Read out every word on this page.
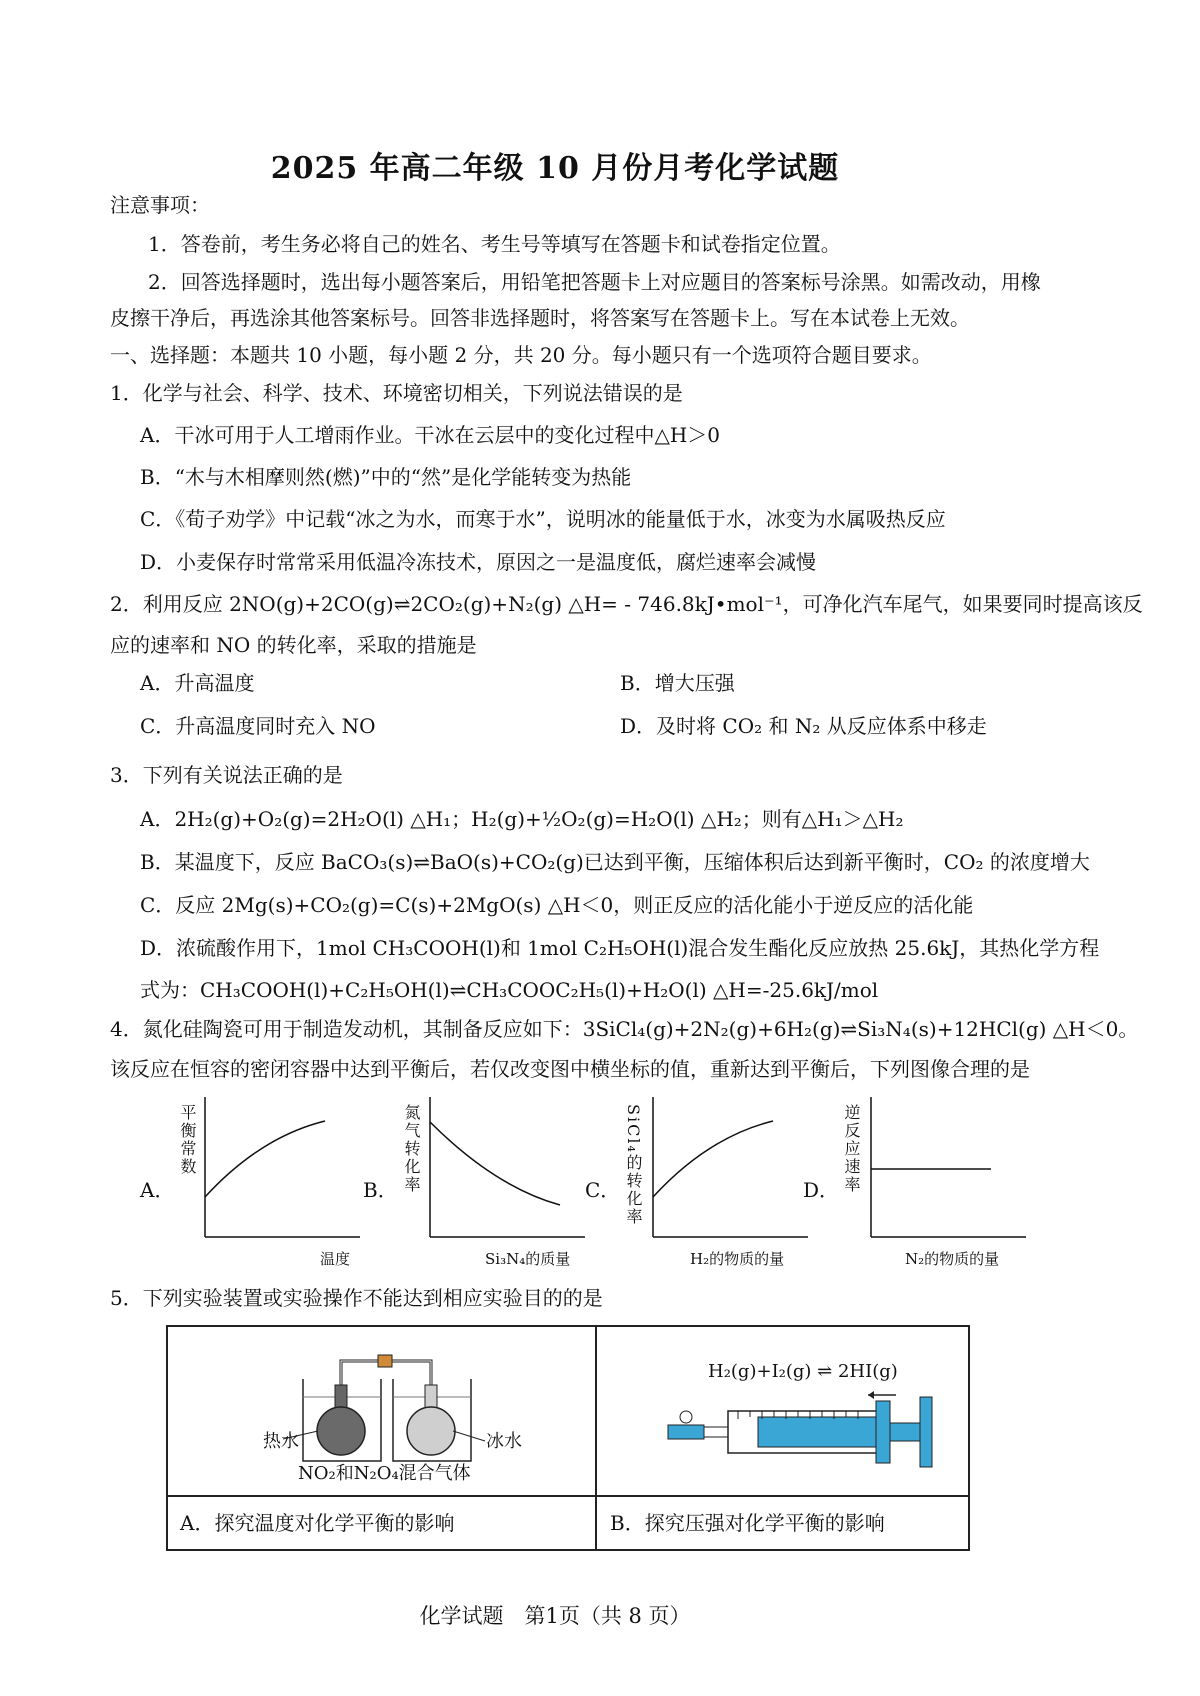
2025 年高二年级 10 月份月考化学试题
注意事项：
1．答卷前，考生务必将自己的姓名、考生号等填写在答题卡和试卷指定位置。
2．回答选择题时，选出每小题答案后，用铅笔把答题卡上对应题目的答案标号涂黑。如需改动，用橡
皮擦干净后，再选涂其他答案标号。回答非选择题时，将答案写在答题卡上。写在本试卷上无效。
一、选择题：本题共 10 小题，每小题 2 分，共 20 分。每小题只有一个选项符合题目要求。
1．化学与社会、科学、技术、环境密切相关，下列说法错误的是
A．干冰可用于人工增雨作业。干冰在云层中的变化过程中△H＞0
B．“木与木相摩则然(燃)”中的“然”是化学能转变为热能
C．《荀子劝学》中记载“冰之为水，而寒于水”，说明冰的能量低于水，冰变为水属吸热反应
D．小麦保存时常常采用低温冷冻技术，原因之一是温度低，腐烂速率会减慢
2．利用反应 2NO(g)+2CO(g)⇌2CO₂(g)+N₂(g) △H= - 746.8kJ•mol⁻¹，可净化汽车尾气，如果要同时提高该反
应的速率和 NO 的转化率，采取的措施是
A．升高温度	B．增大压强
C．升高温度同时充入 NO	D．及时将 CO₂ 和 N₂ 从反应体系中移走
3．下列有关说法正确的是
A．2H₂(g)+O₂(g)=2H₂O(l) △H₁；H₂(g)+½O₂(g)=H₂O(l) △H₂；则有△H₁＞△H₂
B．某温度下，反应 BaCO₃(s)⇌BaO(s)+CO₂(g)已达到平衡，压缩体积后达到新平衡时，CO₂ 的浓度增大
C．反应 2Mg(s)+CO₂(g)=C(s)+2MgO(s) △H＜0，则正反应的活化能小于逆反应的活化能
D．浓硫酸作用下，1mol CH₃COOH(l)和 1mol C₂H₅OH(l)混合发生酯化反应放热 25.6kJ，其热化学方程
式为：CH₃COOH(l)+C₂H₅OH(l)⇌CH₃COOC₂H₅(l)+H₂O(l) △H=-25.6kJ/mol
4．氮化硅陶瓷可用于制造发动机，其制备反应如下：3SiCl₄(g)+2N₂(g)+6H₂(g)⇌Si₃N₄(s)+12HCl(g) △H＜0。
该反应在恒容的密闭容器中达到平衡后，若仅改变图中横坐标的值，重新达到平衡后，下列图像合理的是
A．
平衡常数
温度
B． 氮气转化率
Si₃N₄的质量
C． SiCl₄的转化率
H₂的物质的量
D． 逆反应速率
N₂的物质的量
5．下列实验装置或实验操作不能达到相应实验目的的是
热水	冰水
NO₂和N₂O₄混合气体
H₂(g)+I₂(g) ⇌ 2HI(g)
A．探究温度对化学平衡的影响	B．探究压强对化学平衡的影响
化学试题　第1页（共 8 页）
